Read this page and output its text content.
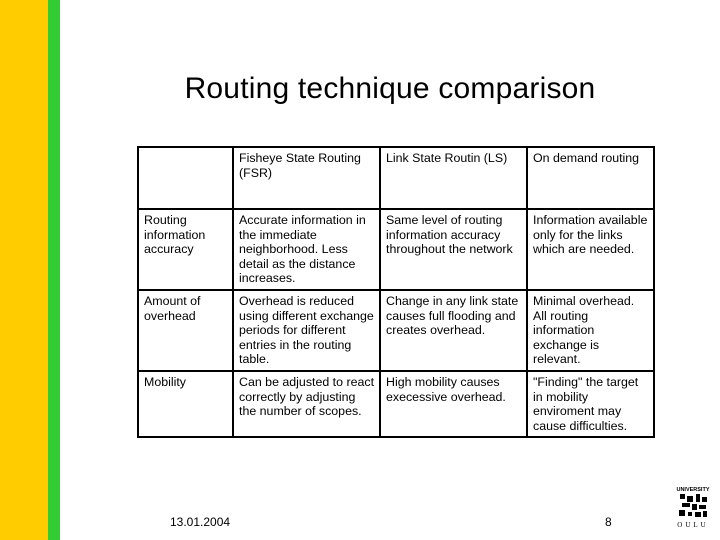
Routing technique comparison
	Fisheye State Routing (FSR)	Link State Routin (LS)	On demand routing
Routing information accuracy	Accurate information in the immediate neighborhood. Less detail as the distance increases.	Same level of routing information accuracy throughout the network	Information available only for the links which are needed.
Amount of overhead	Overhead is reduced using different exchange periods for different entries in the routing table.	Change in any link state causes full flooding and creates overhead.	Minimal overhead. All routing information exchange is relevant.
Mobility	Can be adjusted to react correctly by adjusting the number of scopes.	High mobility causes execessive overhead.	"Finding" the target in mobility enviroment may cause difficulties.
13.01.2004	8
UNIVERSITY
OULU
